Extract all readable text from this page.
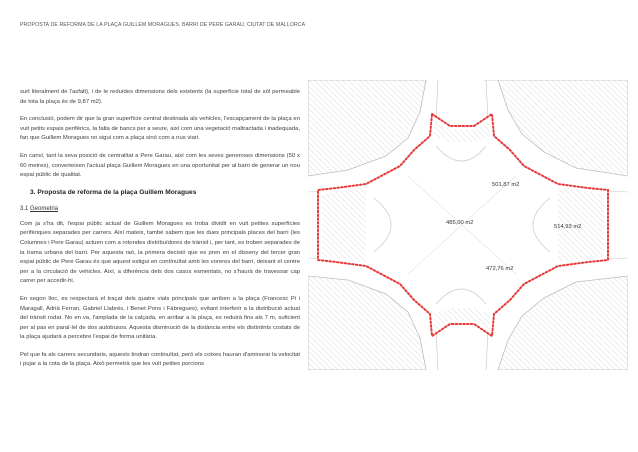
PROPOSTA DE REFORMA DE LA PLAÇA GUILLEM MORAGUES. BARRI DE PERE GARAU, CIUTAT DE MALLORCA

surt literalment de l'asfalt), i de le reduïdes dimensions dels existents (la superfície total de sòl permeable de tota la plaça és de 9,87 m2).

En conclusió, podem dir que la gran superfície central destinada als vehicles, l'escapçament de la plaça en vuit petits espais perifèrics, la falta de bancs per a seure, així com una vegetació maltractada i inadequada, fan que Guillem Moragues no sigui com a plaça sinó com a nus viari.

En canvi, tant la seva posició de centralitat a Pere Garau, així com les seves generoses dimensions (50 x 60 metres), converteixen l'actual plaça Guillem Moragues en una oportunitat per al barri de generar un nou espai públic de qualitat.

3. Proposta de reforma de la plaça Guillem Moragues
3.1 Geometria

Com ja s'ha dit, l'espai públic actual de Guillem Moragues es troba dividit en vuit petites superfícies perifèriques separades per carrers. Així mateix, també sabem que les dues principals places del barri (les Columnes i Pere Garau) actuen com a rotondes distribuïdores de trànsit i, per tant, es troben separades de la trama urbana del barri. Per aquesta raó, la primera decisió que es pren en el disseny del tercer gran espai públic de Pere Garau és que aquest estigui en contínuïtat amb les voreres del barri, deixant el centre per a la circulació de vehicles. Així, a diferència dels dos casos esmentats, no s'haurà de travessar cap carrer per accedir-hi.

En segon lloc, es respectarà el traçat dels quatre vials principals que arriben a la plaça (Francesc Pi i Maragall, Adrià Ferran, Gabriel Llabrés, i Benet Pons i Fàbregues), evitant interferir a la distribució actual del trànsit rodat. No en va, l'amplada de la calçada, en arribar a la plaça, es reduirà fins als 7 m, suficient per al pas en paral·lel de dos autobusos. Aquesta disminució de la distància entre els distintints costats de la plaça ajudarà a percebre l'espai de forma unitària.

Pel que fa als carrers secundaris, aquests tindran continuïtat, però els cotxes hauran d'aminorar la velocitat i pujar a la cota de la plaça. Això permetrà que les vuit petites porcions

501,87 m2
485,00 m2
514,93 m2
472,76 m2
